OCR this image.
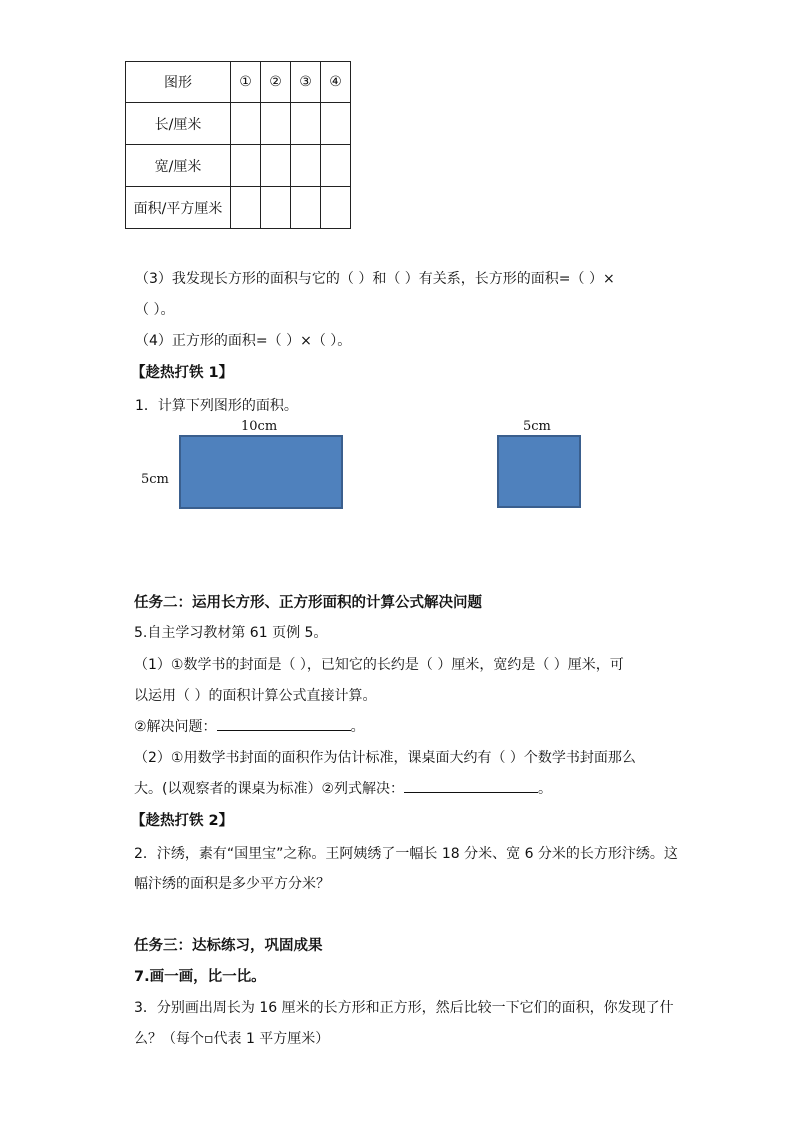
图形	①	②	③	④
长/厘米				
宽/厘米				
面积/平方厘米				
（3）我发现长方形的面积与它的（ ）和（ ）有关系，长方形的面积=（ ）×
（ ）。
（4）正方形的面积=（ ）×（ ）。
【趁热打铁 1】
1．计算下列图形的面积。
10cm
5cm
5cm
任务二：运用长方形、正方形面积的计算公式解决问题
5.自主学习教材第 61 页例 5。
（1）①数学书的封面是（ ），已知它的长约是（ ）厘米，宽约是（ ）厘米，可
以运用（ ）的面积计算公式直接计算。
②解决问题：	。
（2）①用数学书封面的面积作为估计标准，课桌面大约有（ ）个数学书封面那么
大。(以观察者的课桌为标准）②列式解决：	。
【趁热打铁 2】
2．汴绣，素有“国里宝”之称。王阿姨绣了一幅长 18 分米、宽 6 分米的长方形汴绣。这
幅汴绣的面积是多少平方分米？
任务三：达标练习，巩固成果
7.画一画，比一比。
3．分别画出周长为 16 厘米的长方形和正方形，然后比较一下它们的面积，你发现了什
么？（每个▫代表 1 平方厘米）
